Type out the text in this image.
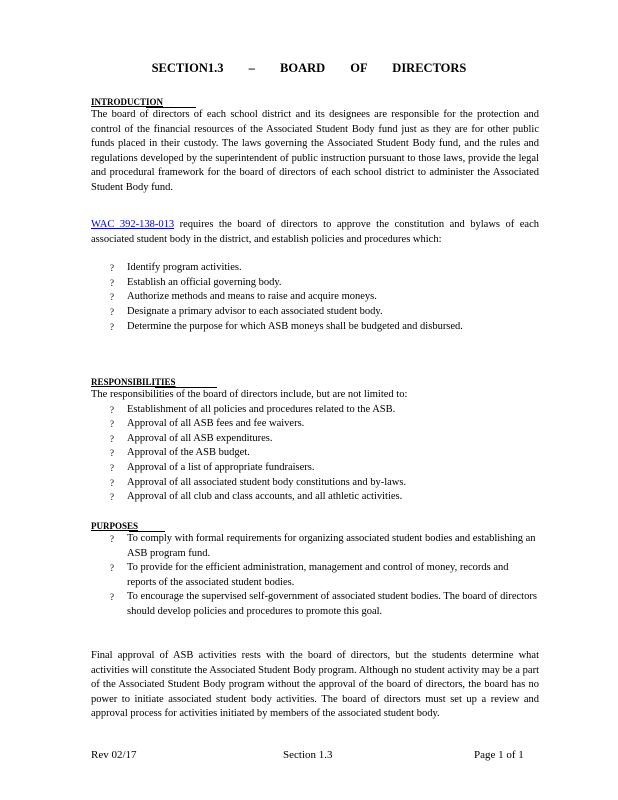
SECTION1.3 – BOARD OF DIRECTORS
INTRODUCTION

The board of directors of each school district and its designees are responsible for the protection and control of the financial resources of the Associated Student Body fund just as they are for other public funds placed in their custody. The laws governing the Associated Student Body fund, and the rules and regulations developed by the superintendent of public instruction pursuant to those laws, provide the legal and procedural framework for the board of directors of each school district to administer the Associated Student Body fund.

WAC 392-138-013 requires the board of directors to approve the constitution and bylaws of each associated student body in the district, and establish policies and procedures which:

? Identify program activities.
? Establish an official governing body.
? Authorize methods and means to raise and acquire moneys.
? Designate a primary advisor to each associated student body.
? Determine the purpose for which ASB moneys shall be budgeted and disbursed.
RESPONSIBILITIES

The responsibilities of the board of directors include, but are not limited to:

? Establishment of all policies and procedures related to the ASB.
? Approval of all ASB fees and fee waivers.
? Approval of all ASB expenditures.
? Approval of the ASB budget.
? Approval of a list of appropriate fundraisers.
? Approval of all associated student body constitutions and by-laws.
? Approval of all club and class accounts, and all athletic activities.
PURPOSES
? To comply with formal requirements for organizing associated student bodies and establishing an ASB program fund.
? To provide for the efficient administration, management and control of money, records and reports of the associated student bodies.
? To encourage the supervised self-government of associated student bodies. The board of directors should develop policies and procedures to promote this goal.

Final approval of ASB activities rests with the board of directors, but the students determine what activities will constitute the Associated Student Body program. Although no student activity may be a part of the Associated Student Body program without the approval of the board of directors, the board has no power to initiate associated student body activities. The board of directors must set up a review and approval process for activities initiated by members of the associated student body.

Rev 02/17	Section 1.3	Page 1 of 1
